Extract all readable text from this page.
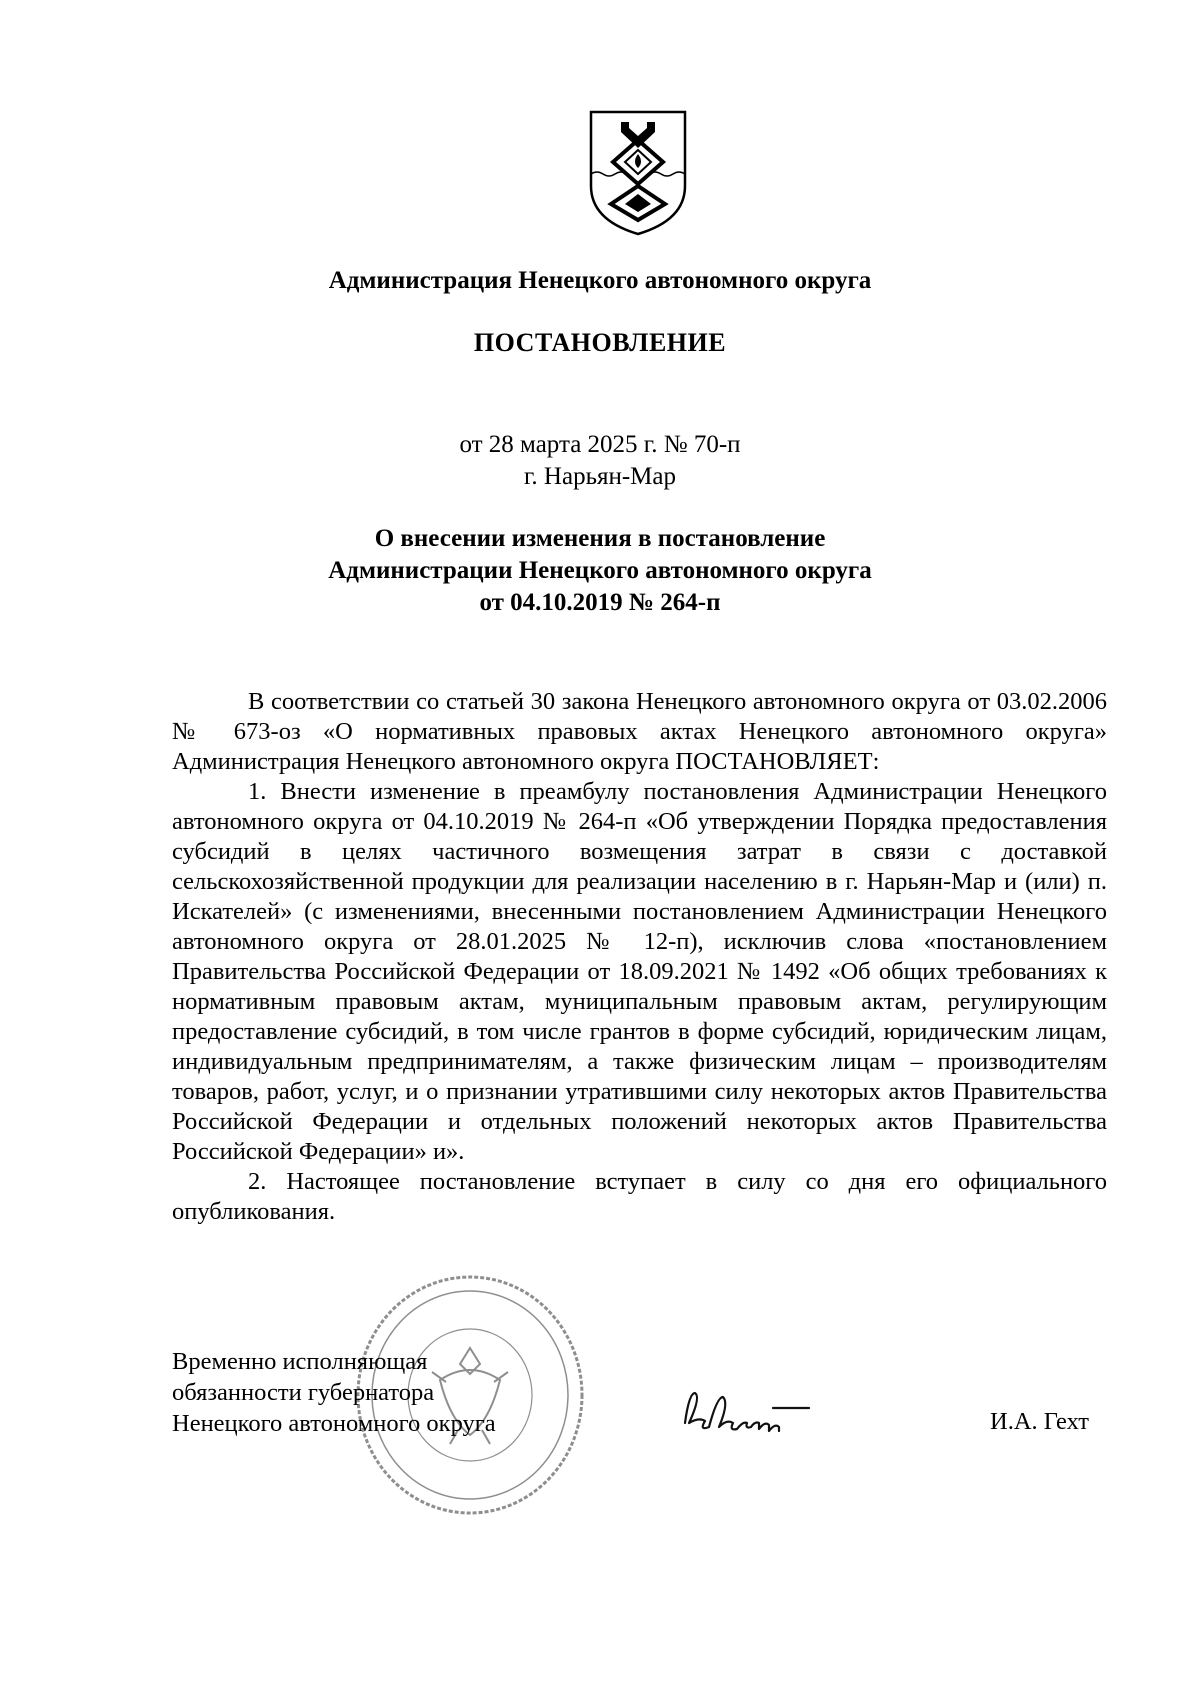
Администрация Ненецкого автономного округа
ПОСТАНОВЛЕНИЕ
от 28 марта 2025 г. № 70-п
г. Нарьян-Мар
О внесении изменения в постановление
Администрации Ненецкого автономного округа
от 04.10.2019 № 264-п

В соответствии со статьей 30 закона Ненецкого автономного округа от 03.02.2006 № 673-оз «О нормативных правовых актах Ненецкого автономного округа» Администрация Ненецкого автономного округа ПОСТАНОВЛЯЕТ:

1. Внести изменение в преамбулу постановления Администрации Ненецкого автономного округа от 04.10.2019 № 264-п «Об утверждении Порядка предоставления субсидий в целях частичного возмещения затрат в связи с доставкой сельскохозяйственной продукции для реализации населению в г. Нарьян-Мар и (или) п. Искателей» (с изменениями, внесенными постановлением Администрации Ненецкого автономного округа от 28.01.2025 № 12-п), исключив слова «постановлением Правительства Российской Федерации от 18.09.2021 № 1492 «Об общих требованиях к нормативным правовым актам, муниципальным правовым актам, регулирующим предоставление субсидий, в том числе грантов в форме субсидий, юридическим лицам, индивидуальным предпринимателям, а также физическим лицам – производителям товаров, работ, услуг, и о признании утратившими силу некоторых актов Правительства Российской Федерации и отдельных положений некоторых актов Правительства Российской Федерации» и».

2. Настоящее постановление вступает в силу со дня его официального опубликования.

Временно исполняющая
обязанности губернатора
Ненецкого автономного округа	И.А. Гехт
